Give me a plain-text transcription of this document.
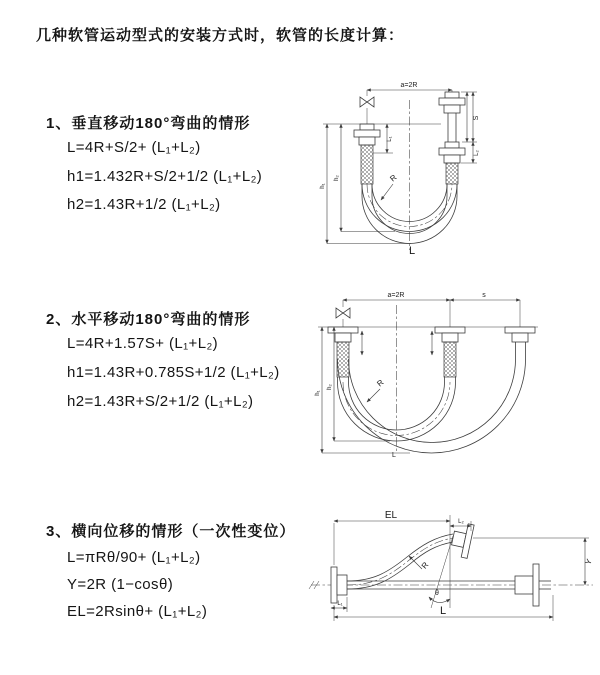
几种软管运动型式的安装方式时，软管的长度计算：
1、垂直移动180°弯曲的情形
L=4R+S/2+ (L₁+L₂)
h1=1.432R+S/2+1/2 (L₁+L₂)
h2=1.43R+1/2 (L₁+L₂)
2、水平移动180°弯曲的情形
L=4R+1.57S+ (L₁+L₂)
h1=1.43R+0.785S+1/2 (L₁+L₂)
h2=1.43R+S/2+1/2 (L₁+L₂)
3、横向位移的情形（一次性变位）
L=πRθ/90+ (L₁+L₂)
Y=2R (1−cosθ)
EL=2Rsinθ+ (L₁+L₂)
a=2R
h₁
h₂
L₁
S
L₂
R
L
a=2R	s
h₁
h₂	R
L
EL
L₂
Y
L
L₁
R
θ
